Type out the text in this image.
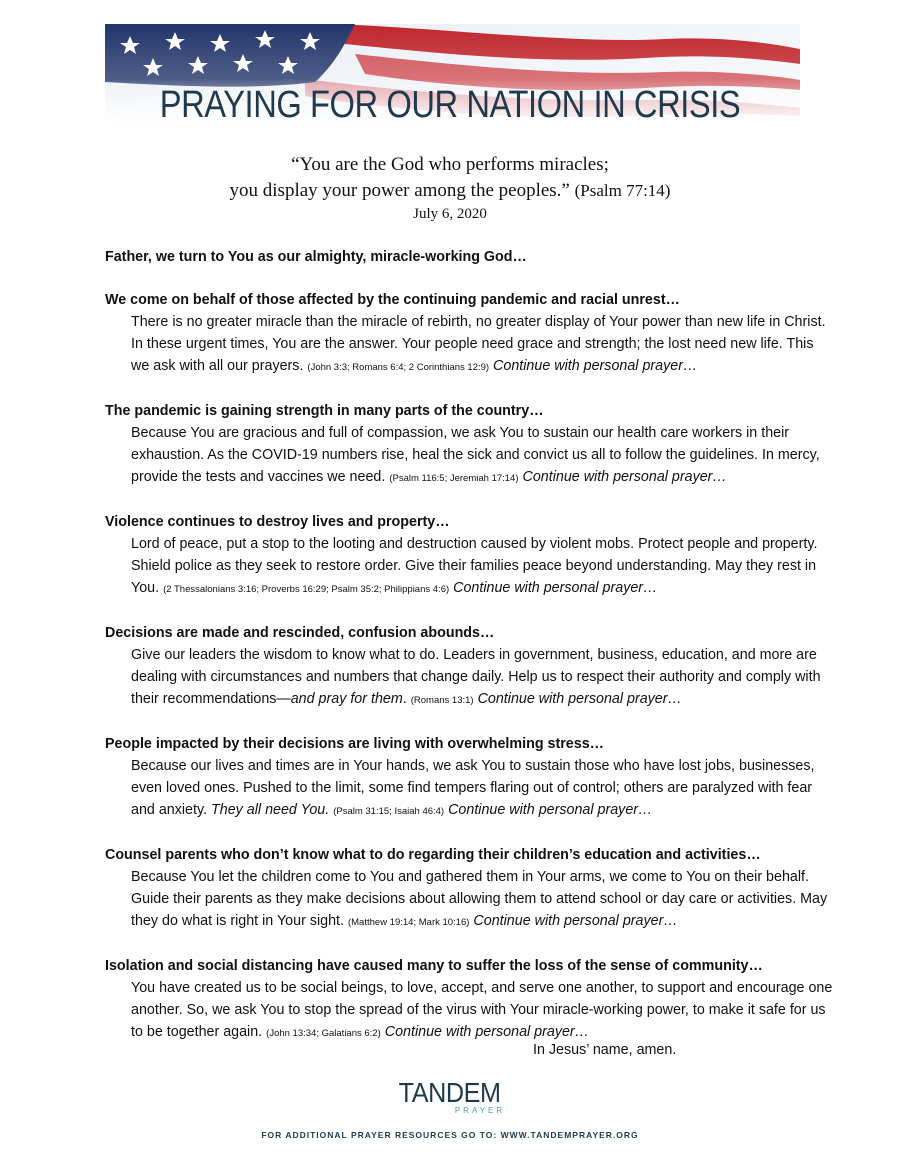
PRAYING FOR OUR NATION IN CRISIS
“You are the God who performs miracles;
you display your power among the peoples.” (Psalm 77:14)
July 6, 2020

Father, we turn to You as our almighty, miracle-working God…

We come on behalf of those affected by the continuing pandemic and racial unrest…

There is no greater miracle than the miracle of rebirth, no greater display of Your power than new life in Christ. In these urgent times, You are the answer. Your people need grace and strength; the lost need new life. This we ask with all our prayers. (John 3:3; Romans 6:4; 2 Corinthians 12:9) Continue with personal prayer…

The pandemic is gaining strength in many parts of the country…

Because You are gracious and full of compassion, we ask You to sustain our health care workers in their exhaustion. As the COVID-19 numbers rise, heal the sick and convict us all to follow the guidelines. In mercy, provide the tests and vaccines we need. (Psalm 116:5; Jeremiah 17:14) Continue with personal prayer…

Violence continues to destroy lives and property…

Lord of peace, put a stop to the looting and destruction caused by violent mobs. Protect people and property. Shield police as they seek to restore order. Give their families peace beyond understanding. May they rest in You. (2 Thessalonians 3:16; Proverbs 16:29; Psalm 35:2; Philippians 4:6) Continue with personal prayer…

Decisions are made and rescinded, confusion abounds…

Give our leaders the wisdom to know what to do. Leaders in government, business, education, and more are dealing with circumstances and numbers that change daily. Help us to respect their authority and comply with their recommendations—and pray for them. (Romans 13:1) Continue with personal prayer…

People impacted by their decisions are living with overwhelming stress…

Because our lives and times are in Your hands, we ask You to sustain those who have lost jobs, businesses, even loved ones. Pushed to the limit, some find tempers flaring out of control; others are paralyzed with fear and anxiety. They all need You. (Psalm 31:15; Isaiah 46:4) Continue with personal prayer…

Counsel parents who don’t know what to do regarding their children’s education and activities…

Because You let the children come to You and gathered them in Your arms, we come to You on their behalf. Guide their parents as they make decisions about allowing them to attend school or day care or activities. May they do what is right in Your sight. (Matthew 19:14; Mark 10:16) Continue with personal prayer…

Isolation and social distancing have caused many to suffer the loss of the sense of community…

You have created us to be social beings, to love, accept, and serve one another, to support and encourage one another. So, we ask You to stop the spread of the virus with Your miracle-working power, to make it safe for us to be together again. (John 13:34; Galatians 6:2) Continue with personal prayer…

In Jesus’ name, amen.
TANDEM
PRAYER
FOR ADDITIONAL PRAYER RESOURCES GO TO: WWW.TANDEMPRAYER.ORG
